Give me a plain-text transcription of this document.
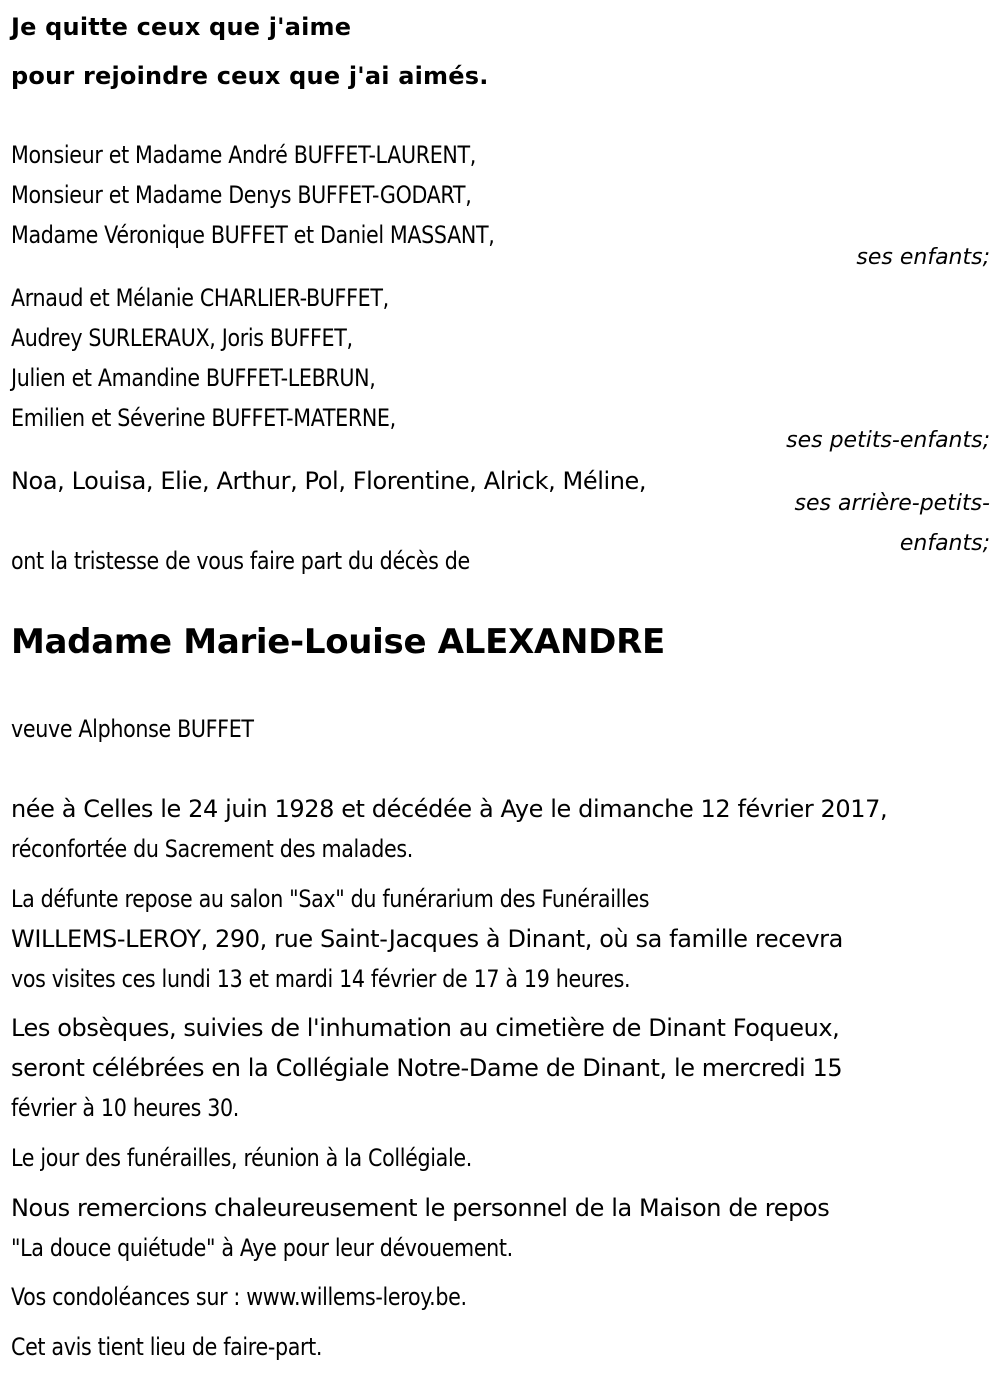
Je quitte ceux que j'aime
pour rejoindre ceux que j'ai aimés.
Monsieur et Madame André BUFFET-LAURENT,
Monsieur et Madame Denys BUFFET-GODART,
Madame Véronique BUFFET et Daniel MASSANT,
ses enfants;
Arnaud et Mélanie CHARLIER-BUFFET,
Audrey SURLERAUX, Joris BUFFET,
Julien et Amandine BUFFET-LEBRUN,
Emilien et Séverine BUFFET-MATERNE,
ses petits-enfants;
Noa, Louisa, Elie, Arthur, Pol, Florentine, Alrick, Méline,
ses arrière-petits-
enfants;
ont la tristesse de vous faire part du décès de
Madame Marie-Louise ALEXANDRE
veuve Alphonse BUFFET
née à Celles le 24 juin 1928 et décédée à Aye le dimanche 12 février 2017,
réconfortée du Sacrement des malades.
La défunte repose au salon "Sax" du funérarium des Funérailles
WILLEMS-LEROY, 290, rue Saint-Jacques à Dinant, où sa famille recevra
vos visites ces lundi 13 et mardi 14 février de 17 à 19 heures.
Les obsèques, suivies de l'inhumation au cimetière de Dinant Foqueux,
seront célébrées en la Collégiale Notre-Dame de Dinant, le mercredi 15
février à 10 heures 30.
Le jour des funérailles, réunion à la Collégiale.
Nous remercions chaleureusement le personnel de la Maison de repos
"La douce quiétude" à Aye pour leur dévouement.
Vos condoléances sur : www.willems-leroy.be.
Cet avis tient lieu de faire-part.
